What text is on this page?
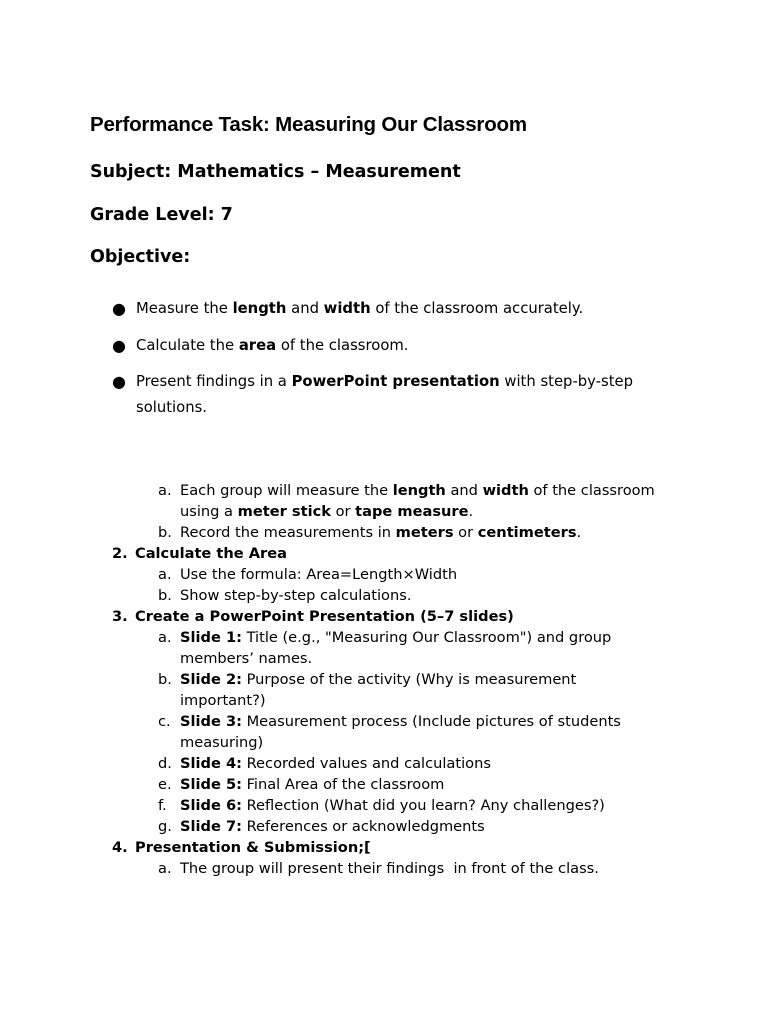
Performance Task: Measuring Our Classroom
Subject: Mathematics – Measurement
Grade Level: 7
Objective:
● Measure the length and width of the classroom accurately.
● Calculate the area of the classroom.
● Present findings in a PowerPoint presentation with step-by-step
solutions.
a. Each group will measure the length and width of the classroom
using a meter stick or tape measure.
b. Record the measurements in meters or centimeters.
2. Calculate the Area
a. Use the formula: Area=Length×Width
b. Show step-by-step calculations.
3. Create a PowerPoint Presentation (5–7 slides)
a. Slide 1: Title (e.g., "Measuring Our Classroom") and group
members’ names.
b. Slide 2: Purpose of the activity (Why is measurement
important?)
c. Slide 3: Measurement process (Include pictures of students
measuring)
d. Slide 4: Recorded values and calculations
e. Slide 5: Final Area of the classroom
f. Slide 6: Reflection (What did you learn? Any challenges?)
g. Slide 7: References or acknowledgments
4. Presentation & Submission;[
a. The group will present their findings  in front of the class.
